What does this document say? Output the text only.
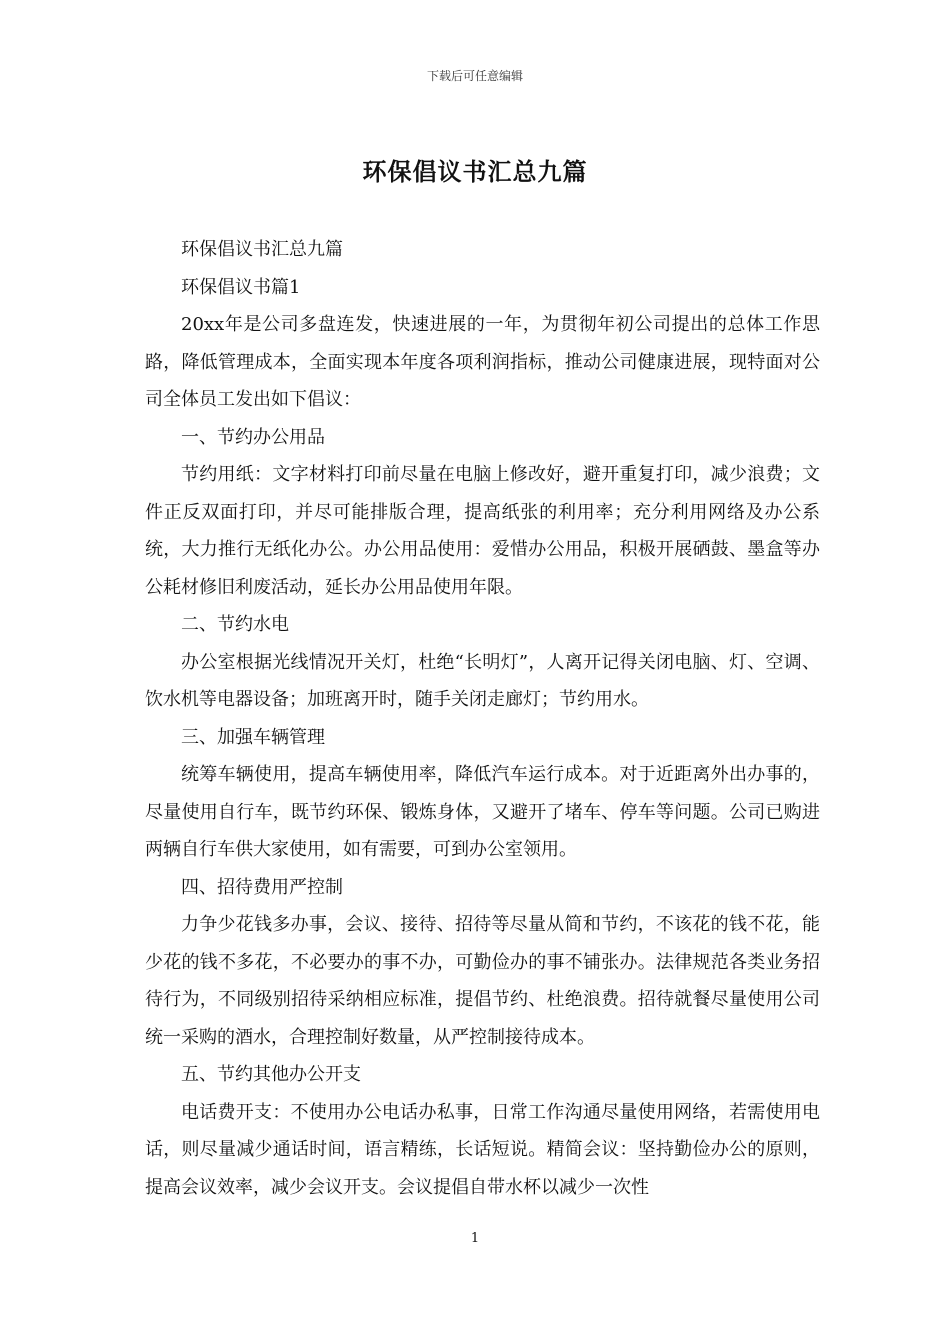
下载后可任意编辑
环保倡议书汇总九篇

环保倡议书汇总九篇

环保倡议书篇1

20xx年是公司多盘连发，快速进展的一年，为贯彻年初公司提出的总体工作思路，降低管理成本，全面实现本年度各项利润指标，推动公司健康进展，现特面对公司全体员工发出如下倡议：

一、节约办公用品

节约用纸：文字材料打印前尽量在电脑上修改好，避开重复打印，减少浪费；文件正反双面打印，并尽可能排版合理，提高纸张的利用率；充分利用网络及办公系统，大力推行无纸化办公。办公用品使用：爱惜办公用品，积极开展硒鼓、墨盒等办公耗材修旧利废活动，延长办公用品使用年限。

二、节约水电

办公室根据光线情况开关灯，杜绝“长明灯”，人离开记得关闭电脑、灯、空调、饮水机等电器设备；加班离开时，随手关闭走廊灯；节约用水。

三、加强车辆管理

统筹车辆使用，提高车辆使用率，降低汽车运行成本。对于近距离外出办事的，尽量使用自行车，既节约环保、锻炼身体，又避开了堵车、停车等问题。公司已购进两辆自行车供大家使用，如有需要，可到办公室领用。

四、招待费用严控制

力争少花钱多办事，会议、接待、招待等尽量从简和节约，不该花的钱不花，能少花的钱不多花，不必要办的事不办，可勤俭办的事不铺张办。法律规范各类业务招待行为，不同级别招待采纳相应标准，提倡节约、杜绝浪费。招待就餐尽量使用公司统一采购的酒水，合理控制好数量，从严控制接待成本。

五、节约其他办公开支

电话费开支：不使用办公电话办私事，日常工作沟通尽量使用网络，若需使用电话，则尽量减少通话时间，语言精练，长话短说。精简会议：坚持勤俭办公的原则，提高会议效率，减少会议开支。会议提倡自带水杯以减少一次性

1
